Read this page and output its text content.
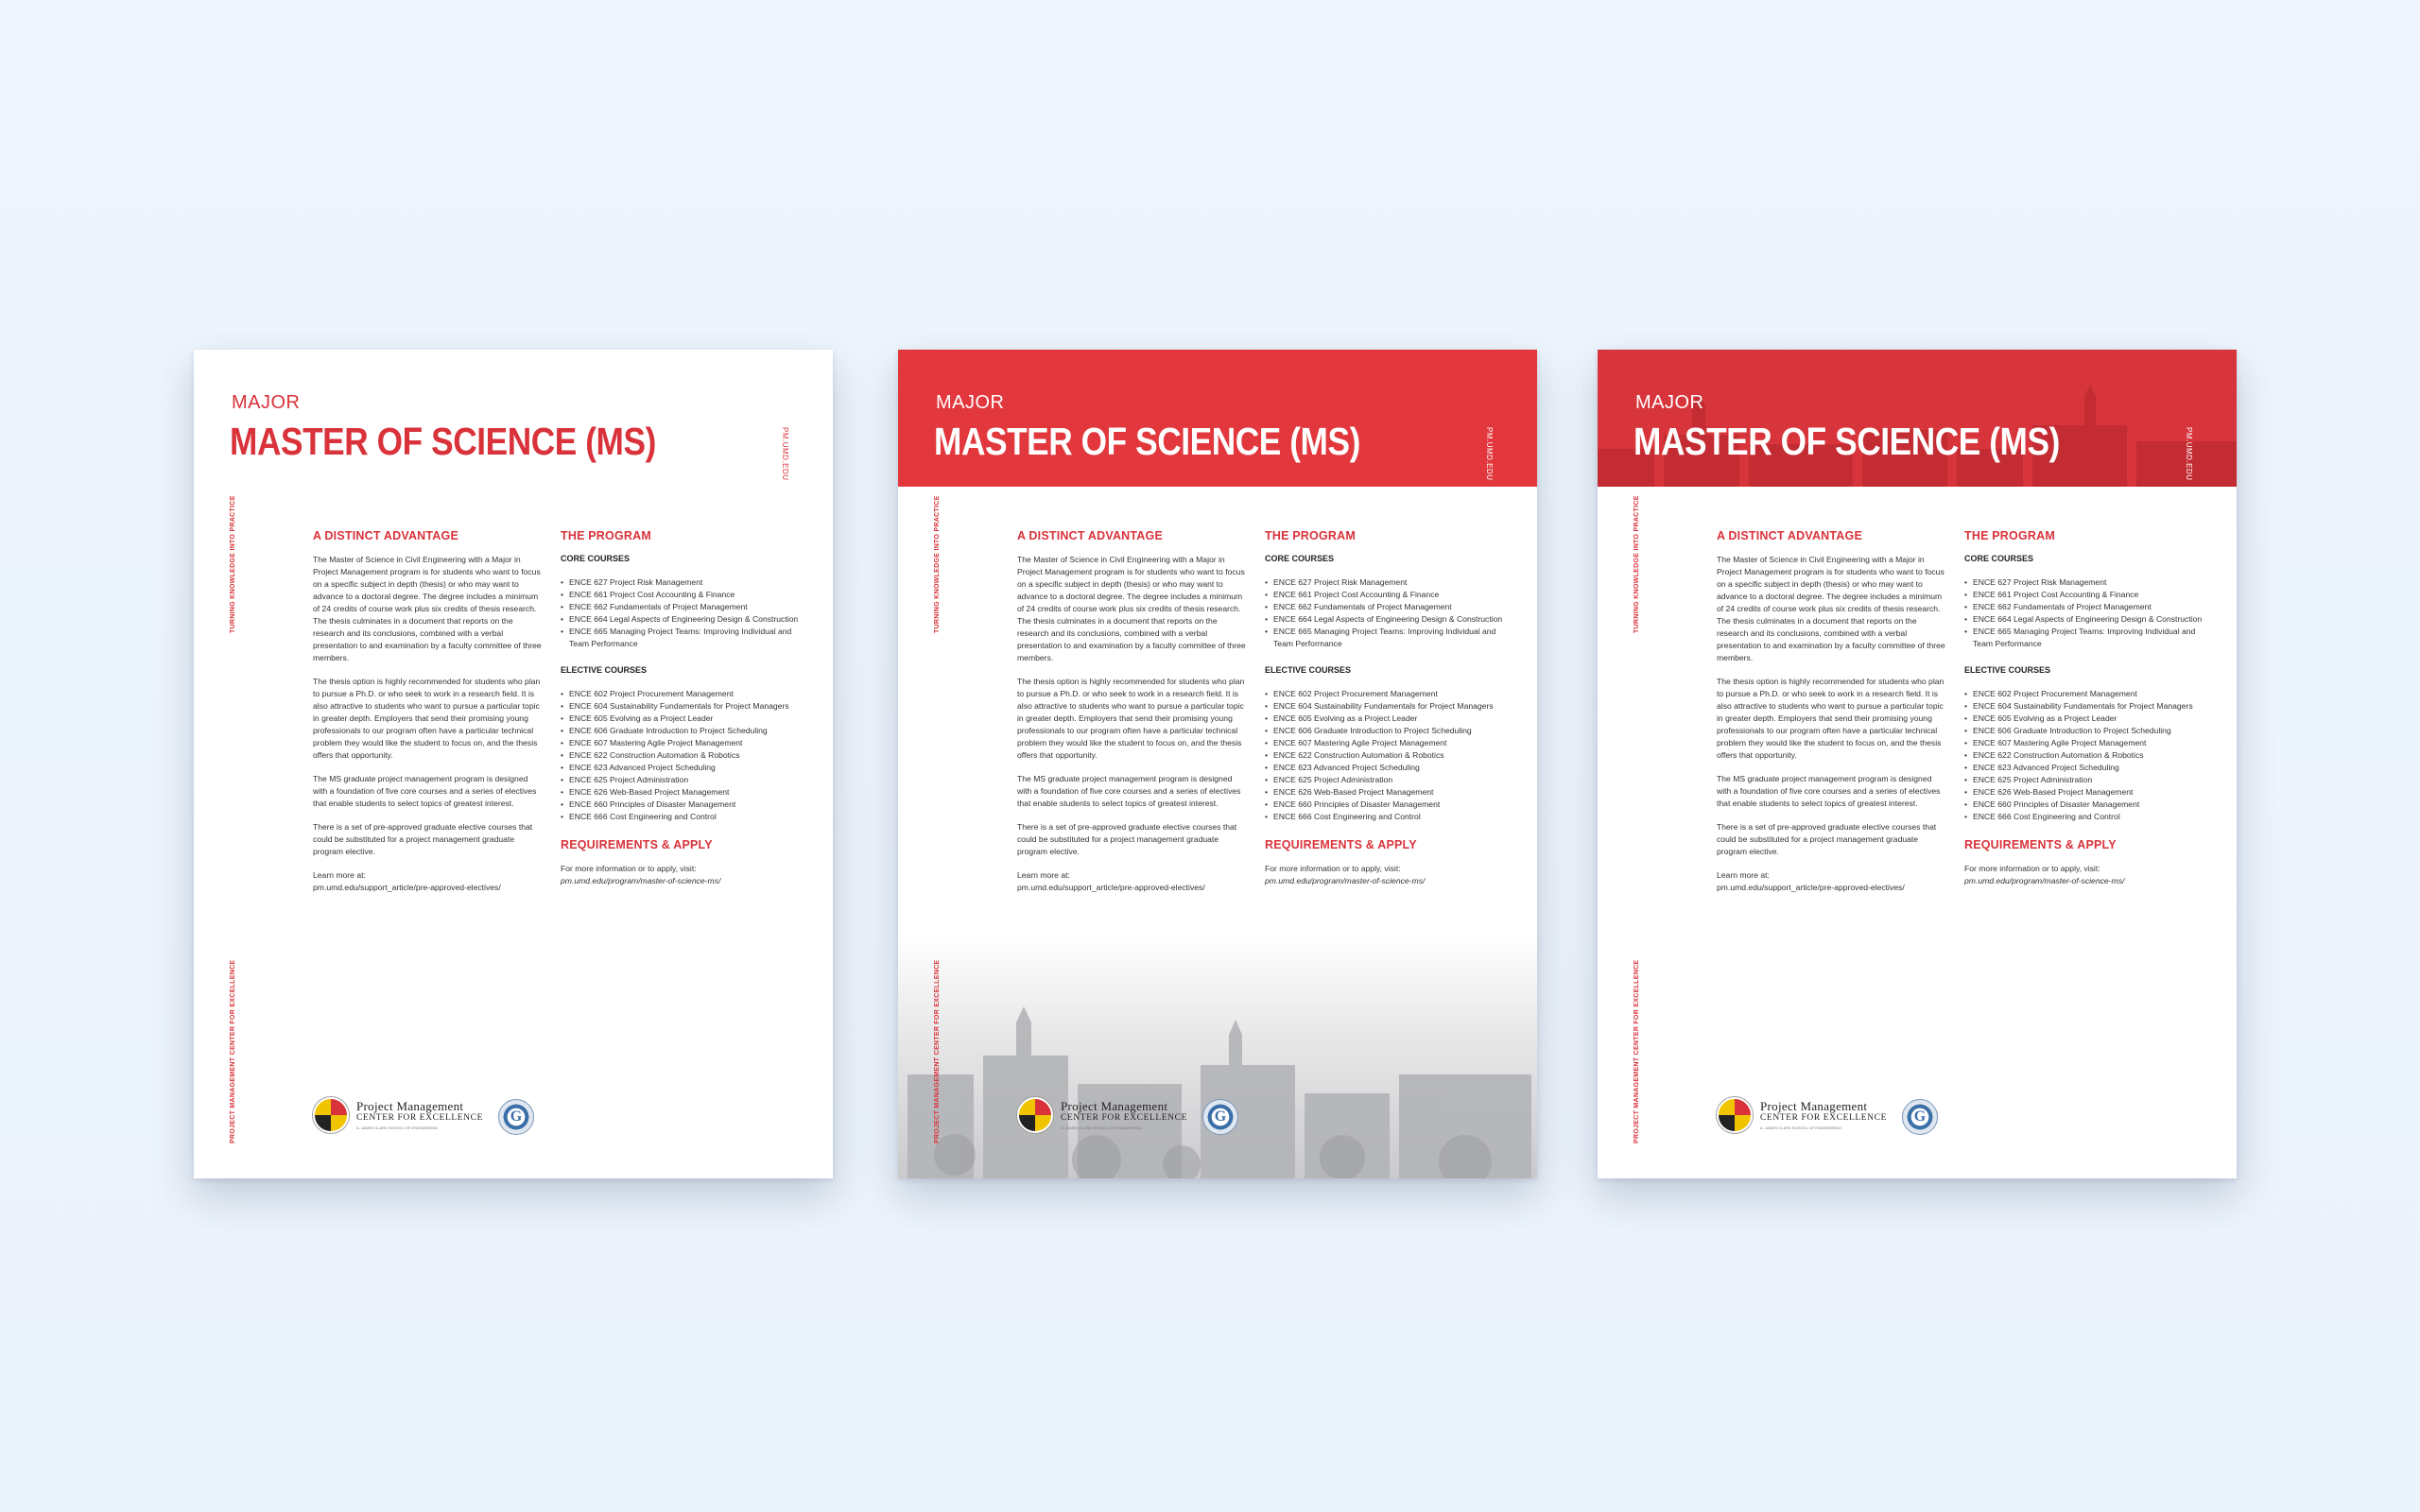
MAJOR
MASTER OF SCIENCE (MS)	PM.UMD.EDU
TURNING KNOWLEDGE INTO PRACTICE
PROJECT MANAGEMENT CENTER FOR EXCELLENCE
A DISTINCT ADVANTAGE

The Master of Science in Civil Engineering with a Major in Project Management program is for students who want to focus on a specific subject in depth (thesis) or who may want to advance to a doctoral degree. The degree includes a minimum of 24 credits of course work plus six credits of thesis research. The thesis culminates in a document that reports on the research and its conclusions, combined with a verbal presentation to and examination by a faculty committee of three members.

The thesis option is highly recommended for students who plan to pursue a Ph.D. or who seek to work in a research field. It is also attractive to students who want to pursue a particular topic in greater depth. Employers that send their promising young professionals to our program often have a particular technical problem they would like the student to focus on, and the thesis offers that opportunity.

The MS graduate project management program is designed with a foundation of five core courses and a series of electives that enable students to select topics of greatest interest.

There is a set of pre-approved graduate elective courses that could be substituted for a project management graduate program elective.

Learn more at:
pm.umd.edu/support_article/pre-approved-electives/

THE PROGRAM
CORE COURSES
• ENCE 627 Project Risk Management
• ENCE 661 Project Cost Accounting & Finance
• ENCE 662 Fundamentals of Project Management
• ENCE 664 Legal Aspects of Engineering Design & Construction
• ENCE 665 Managing Project Teams: Improving Individual and Team Performance
ELECTIVE COURSES
• ENCE 602 Project Procurement Management
• ENCE 604 Sustainability Fundamentals for Project Managers
• ENCE 605 Evolving as a Project Leader
• ENCE 606 Graduate Introduction to Project Scheduling
• ENCE 607 Mastering Agile Project Management
• ENCE 622 Construction Automation & Robotics
• ENCE 623 Advanced Project Scheduling
• ENCE 625 Project Administration
• ENCE 626 Web-Based Project Management
• ENCE 660 Principles of Disaster Management
• ENCE 666 Cost Engineering and Control
REQUIREMENTS & APPLY

For more information or to apply, visit:
pm.umd.edu/program/master-of-science-ms/

Project Management
CENTER FOR EXCELLENCE
A. JAMES CLARK SCHOOL OF ENGINEERING
G
MAJOR
MASTER OF SCIENCE (MS)	PM.UMD.EDU
TURNING KNOWLEDGE INTO PRACTICE
PROJECT MANAGEMENT CENTER FOR EXCELLENCE
A DISTINCT ADVANTAGE

The Master of Science in Civil Engineering with a Major in Project Management program is for students who want to focus on a specific subject in depth (thesis) or who may want to advance to a doctoral degree. The degree includes a minimum of 24 credits of course work plus six credits of thesis research. The thesis culminates in a document that reports on the research and its conclusions, combined with a verbal presentation to and examination by a faculty committee of three members.

The thesis option is highly recommended for students who plan to pursue a Ph.D. or who seek to work in a research field. It is also attractive to students who want to pursue a particular topic in greater depth. Employers that send their promising young professionals to our program often have a particular technical problem they would like the student to focus on, and the thesis offers that opportunity.

The MS graduate project management program is designed with a foundation of five core courses and a series of electives that enable students to select topics of greatest interest.

There is a set of pre-approved graduate elective courses that could be substituted for a project management graduate program elective.

Learn more at:
pm.umd.edu/support_article/pre-approved-electives/

THE PROGRAM
CORE COURSES
• ENCE 627 Project Risk Management
• ENCE 661 Project Cost Accounting & Finance
• ENCE 662 Fundamentals of Project Management
• ENCE 664 Legal Aspects of Engineering Design & Construction
• ENCE 665 Managing Project Teams: Improving Individual and Team Performance
ELECTIVE COURSES
• ENCE 602 Project Procurement Management
• ENCE 604 Sustainability Fundamentals for Project Managers
• ENCE 605 Evolving as a Project Leader
• ENCE 606 Graduate Introduction to Project Scheduling
• ENCE 607 Mastering Agile Project Management
• ENCE 622 Construction Automation & Robotics
• ENCE 623 Advanced Project Scheduling
• ENCE 625 Project Administration
• ENCE 626 Web-Based Project Management
• ENCE 660 Principles of Disaster Management
• ENCE 666 Cost Engineering and Control
REQUIREMENTS & APPLY

For more information or to apply, visit:
pm.umd.edu/program/master-of-science-ms/

Project Management
CENTER FOR EXCELLENCE
A. JAMES CLARK SCHOOL OF ENGINEERING
G
MAJOR
MASTER OF SCIENCE (MS)	PM.UMD.EDU
TURNING KNOWLEDGE INTO PRACTICE
PROJECT MANAGEMENT CENTER FOR EXCELLENCE
A DISTINCT ADVANTAGE

The Master of Science in Civil Engineering with a Major in Project Management program is for students who want to focus on a specific subject in depth (thesis) or who may want to advance to a doctoral degree. The degree includes a minimum of 24 credits of course work plus six credits of thesis research. The thesis culminates in a document that reports on the research and its conclusions, combined with a verbal presentation to and examination by a faculty committee of three members.

The thesis option is highly recommended for students who plan to pursue a Ph.D. or who seek to work in a research field. It is also attractive to students who want to pursue a particular topic in greater depth. Employers that send their promising young professionals to our program often have a particular technical problem they would like the student to focus on, and the thesis offers that opportunity.

The MS graduate project management program is designed with a foundation of five core courses and a series of electives that enable students to select topics of greatest interest.

There is a set of pre-approved graduate elective courses that could be substituted for a project management graduate program elective.

Learn more at:
pm.umd.edu/support_article/pre-approved-electives/

THE PROGRAM
CORE COURSES
• ENCE 627 Project Risk Management
• ENCE 661 Project Cost Accounting & Finance
• ENCE 662 Fundamentals of Project Management
• ENCE 664 Legal Aspects of Engineering Design & Construction
• ENCE 665 Managing Project Teams: Improving Individual and Team Performance
ELECTIVE COURSES
• ENCE 602 Project Procurement Management
• ENCE 604 Sustainability Fundamentals for Project Managers
• ENCE 605 Evolving as a Project Leader
• ENCE 606 Graduate Introduction to Project Scheduling
• ENCE 607 Mastering Agile Project Management
• ENCE 622 Construction Automation & Robotics
• ENCE 623 Advanced Project Scheduling
• ENCE 625 Project Administration
• ENCE 626 Web-Based Project Management
• ENCE 660 Principles of Disaster Management
• ENCE 666 Cost Engineering and Control
REQUIREMENTS & APPLY

For more information or to apply, visit:
pm.umd.edu/program/master-of-science-ms/

Project Management
CENTER FOR EXCELLENCE
A. JAMES CLARK SCHOOL OF ENGINEERING
G
